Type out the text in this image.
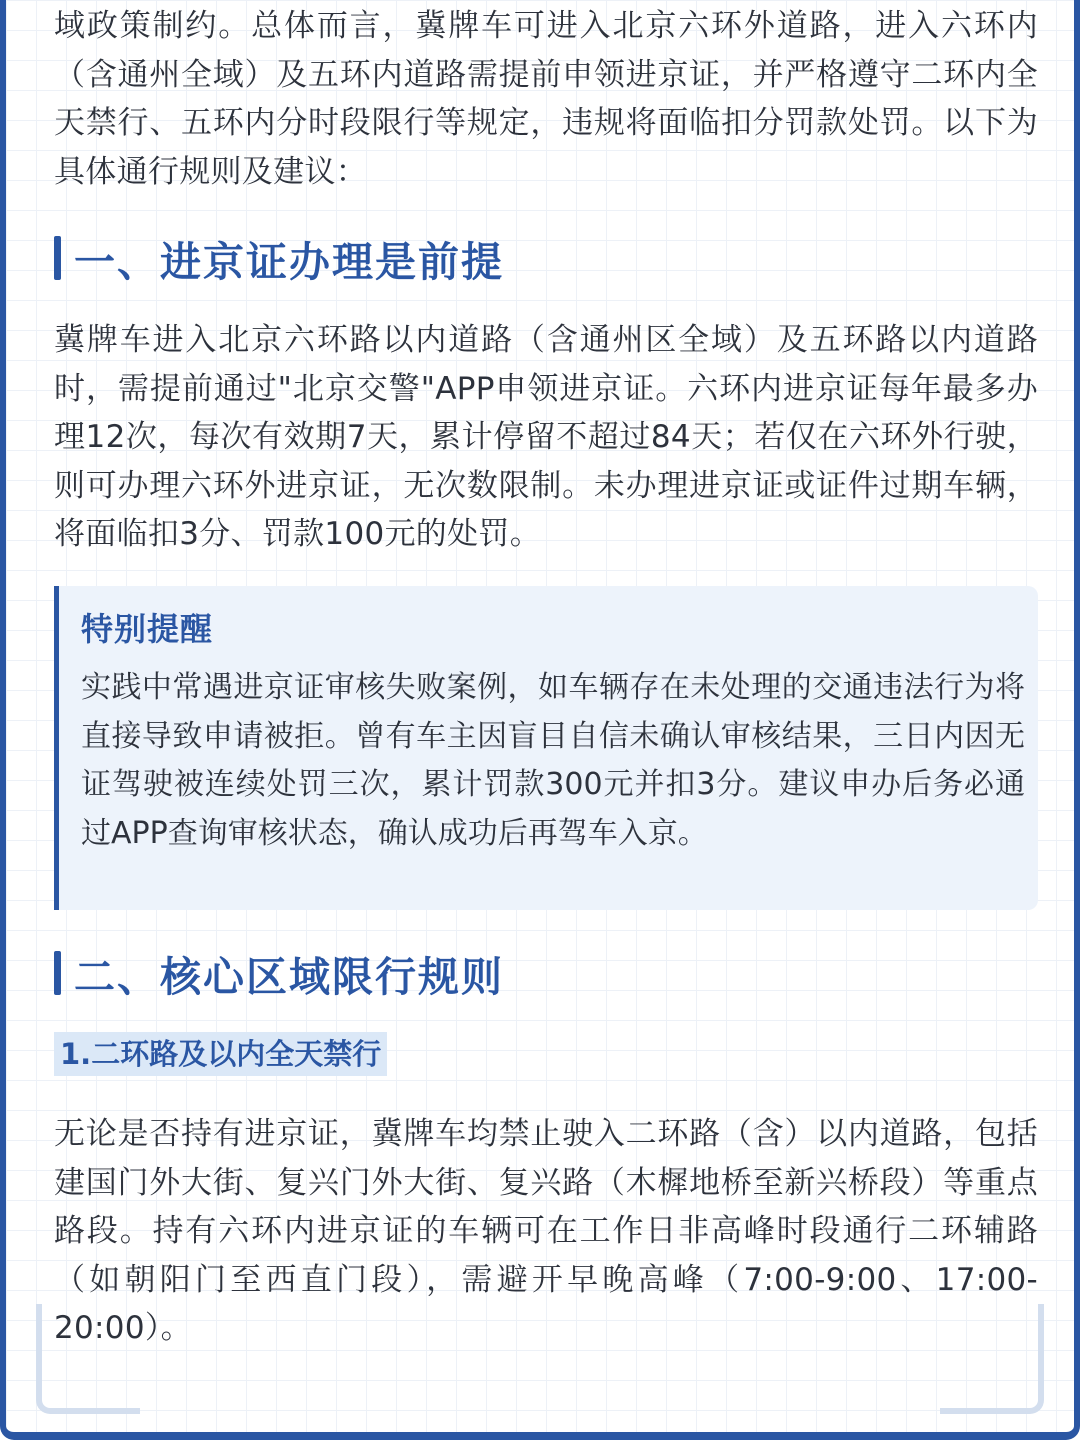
域政策制约。总体而言，冀牌车可进入北京六环外道路，进入六环内（含通州全域）及五环内道路需提前申领进京证，并严格遵守二环内全天禁行、五环内分时段限行等规定，违规将面临扣分罚款处罚。以下为具体通行规则及建议：

一、进京证办理是前提

冀牌车进入北京六环路以内道路（含通州区全域）及五环路以内道路时，需提前通过"北京交警"APP申领进京证。六环内进京证每年最多办理12次，每次有效期7天，累计停留不超过84天；若仅在六环外行驶，则可办理六环外进京证，无次数限制。未办理进京证或证件过期车辆，将面临扣3分、罚款100元的处罚。

特别提醒

实践中常遇进京证审核失败案例，如车辆存在未处理的交通违法行为将直接导致申请被拒。曾有车主因盲目自信未确认审核结果，三日内因无证驾驶被连续处罚三次，累计罚款300元并扣3分。建议申办后务必通过APP查询审核状态，确认成功后再驾车入京。

二、核心区域限行规则
1.二环路及以内全天禁行

无论是否持有进京证，冀牌车均禁止驶入二环路（含）以内道路，包括建国门外大街、复兴门外大街、复兴路（木樨地桥至新兴桥段）等重点路段。持有六环内进京证的车辆可在工作日非高峰时段通行二环辅路（如朝阳门至西直门段），需避开早晚高峰（7:00-9:00、17:00-20:00）。
